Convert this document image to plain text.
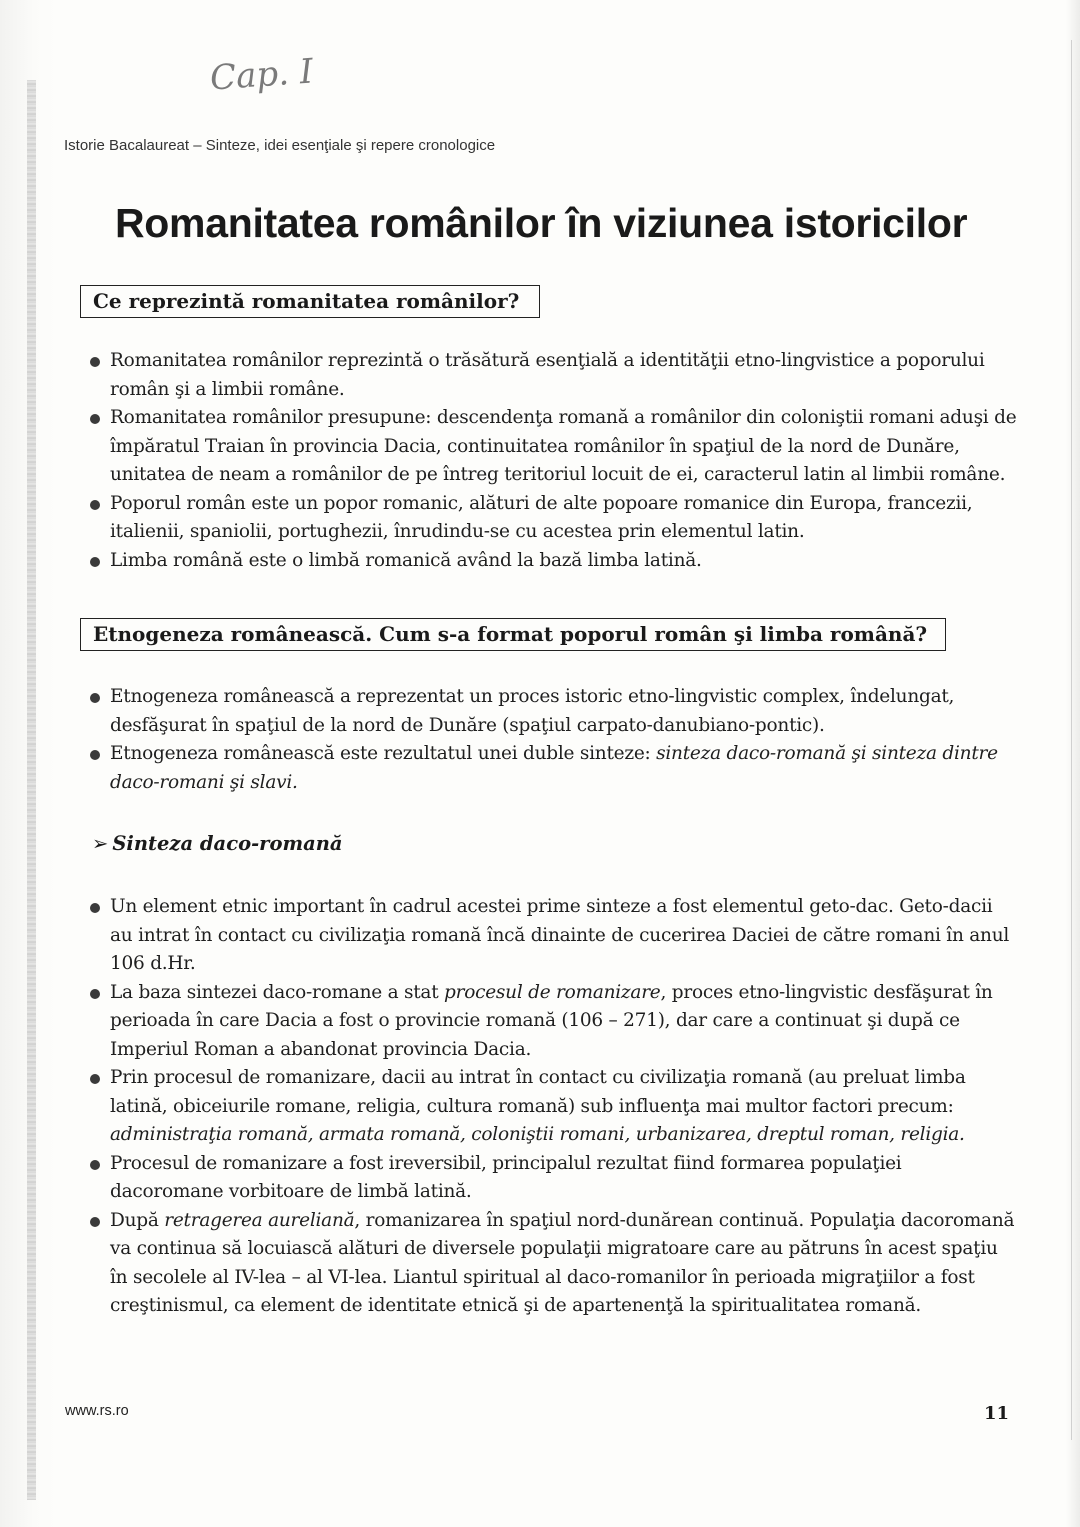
Cap. I
Istorie Bacalaureat – Sinteze, idei esenţiale şi repere cronologice
Romanitatea românilor în viziunea istoricilor
Ce reprezintă romanitatea românilor?
Romanitatea românilor reprezintă o trăsătură esenţială a identităţii etno-lingvistice a poporului român şi a limbii române.
Romanitatea românilor presupune: descendenţa romană a românilor din coloniştii romani aduşi de împăratul Traian în provincia Dacia, continuitatea românilor în spaţiul de la nord de Dunăre, unitatea de neam a românilor de pe întreg teritoriul locuit de ei, caracterul latin al limbii române.
Poporul român este un popor romanic, alături de alte popoare romanice din Europa, francezii, italienii, spaniolii, portughezii, înrudindu-se cu acestea prin elementul latin.
Limba română este o limbă romanică având la bază limba latină.
Etnogeneza românească. Cum s-a format poporul român şi limba română?
Etnogeneza românească a reprezentat un proces istoric etno-lingvistic complex, îndelungat, desfăşurat în spaţiul de la nord de Dunăre (spaţiul carpato-danubiano-pontic).
Etnogeneza românească este rezultatul unei duble sinteze: sinteza daco-romană şi sinteza dintre daco-romani şi slavi.
➢ Sinteza daco-romană
Un element etnic important în cadrul acestei prime sinteze a fost elementul geto-dac. Geto-dacii au intrat în contact cu civilizaţia romană încă dinainte de cucerirea Daciei de către romani în anul 106 d.Hr.
La baza sintezei daco-romane a stat procesul de romanizare, proces etno-lingvistic desfăşurat în perioada în care Dacia a fost o provincie romană (106 – 271), dar care a continuat şi după ce Imperiul Roman a abandonat provincia Dacia.
Prin procesul de romanizare, dacii au intrat în contact cu civilizaţia romană (au preluat limba latină, obiceiurile romane, religia, cultura romană) sub influenţa mai multor factori precum: administraţia romană, armata romană, coloniştii romani, urbanizarea, dreptul roman, religia.
Procesul de romanizare a fost ireversibil, principalul rezultat fiind formarea populaţiei dacoromane vorbitoare de limbă latină.
După retragerea aureliană, romanizarea în spaţiul nord-dunărean continuă. Populaţia dacoromană va continua să locuiască alături de diversele populaţii migratoare care au pătruns în acest spaţiu în secolele al IV-lea – al VI-lea. Liantul spiritual al daco-romanilor în perioada migraţiilor a fost creştinismul, ca element de identitate etnică şi de apartenenţă la spiritualitatea romană.
www.rs.ro	11
